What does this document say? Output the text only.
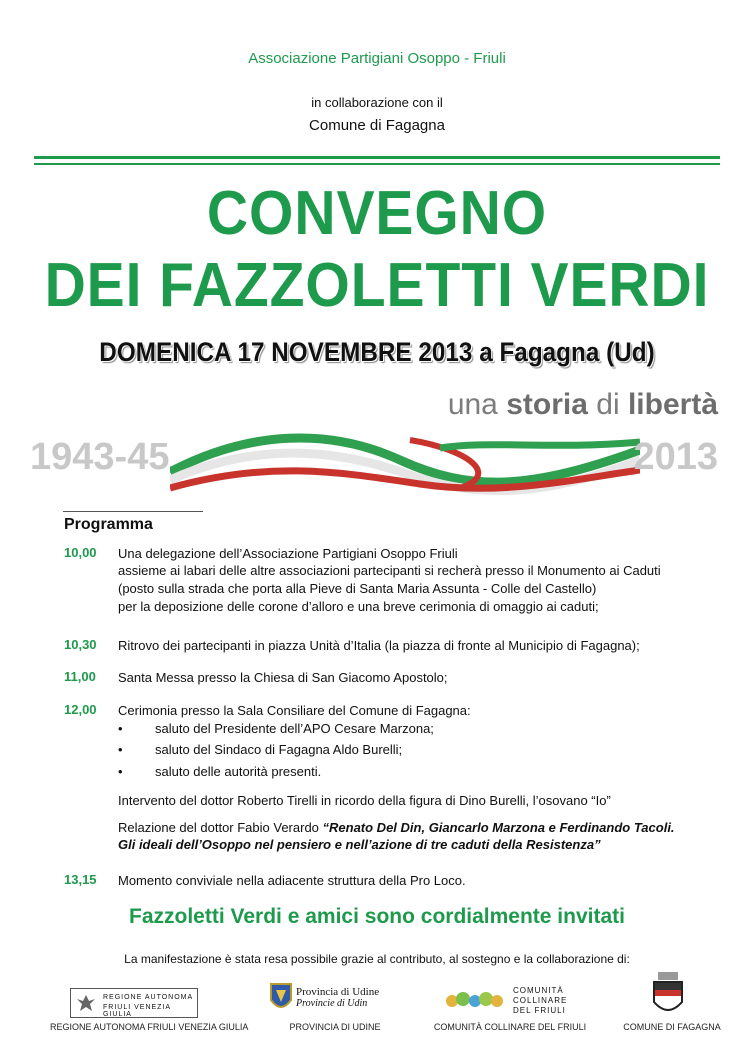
Associazione Partigiani Osoppo - Friuli
in collaborazione con il
Comune di Fagagna
CONVEGNO
DEI FAZZOLETTI VERDI
DOMENICA 17 NOVEMBRE 2013 a Fagagna (Ud)
una storia di libertà
1943-45	2013
Programma
10,00 Una delegazione dell’Associazione Partigiani Osoppo Friuli
assieme ai labari delle altre associazioni partecipanti si recherà presso il Monumento ai Caduti
(posto sulla strada che porta alla Pieve di Santa Maria Assunta - Colle del Castello)
per la deposizione delle corone d’alloro e una breve cerimonia di omaggio ai caduti;
10,30 Ritrovo dei partecipanti in piazza Unità d’Italia (la piazza di fronte al Municipio di Fagagna);
11,00 Santa Messa presso la Chiesa di San Giacomo Apostolo;
12,00 Cerimonia presso la Sala Consiliare del Comune di Fagagna:
• saluto del Presidente dell’APO Cesare Marzona;
• saluto del Sindaco di Fagagna Aldo Burelli;
• saluto delle autorità presenti.
Intervento del dottor Roberto Tirelli in ricordo della figura di Dino Burelli, l’osovano “Io”
Relazione del dottor Fabio Verardo “Renato Del Din, Giancarlo Marzona e Ferdinando Tacoli.
Gli ideali dell’Osoppo nel pensiero e nell’azione di tre caduti della Resistenza”
13,15 Momento conviviale nella adiacente struttura della Pro Loco.
Fazzoletti Verdi e amici sono cordialmente invitati
La manifestazione è stata resa possibile grazie al contributo, al sostegno e la collaborazione di:
REGIONE AUTONOMA
FRIULI VENEZIA GIULIA
REGIONE AUTONOMA FRIULI VENEZIA GIULIA
Provincia di Udine
Provincie di Udin
PROVINCIA DI UDINE
COMUNITÀ
COLLINARE
DEL FRIULI
COMUNITÀ COLLINARE DEL FRIULI	COMUNE DI FAGAGNA
